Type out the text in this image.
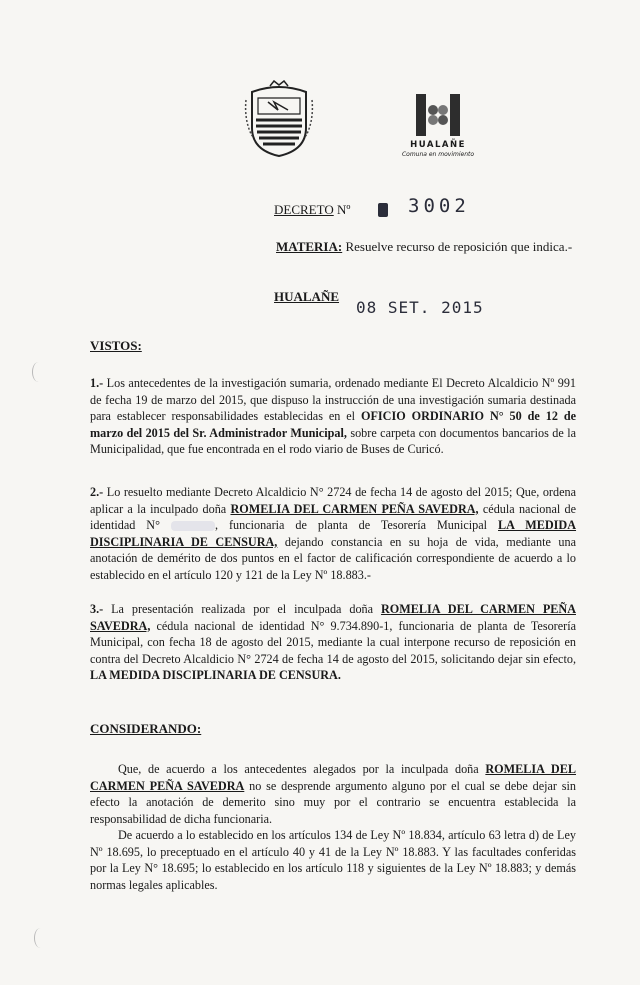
HUALAÑE
Comuna en movimiento
DECRETO Nº	3002
MATERIA: Resuelve recurso de reposición que indica.-
HUALAÑE
08 SET. 2015
VISTOS:
1.- Los antecedentes de la investigación sumaria, ordenado mediante El Decreto Alcaldicio Nº 991 de fecha 19 de marzo del 2015, que dispuso la instrucción de una investigación sumaria destinada para establecer responsabilidades establecidas en el OFICIO ORDINARIO N° 50 de 12 de marzo del 2015 del Sr. Administrador Municipal, sobre carpeta con documentos bancarios de la Municipalidad, que fue encontrada en el rodo viario de Buses de Curicó.
2.- Lo resuelto mediante Decreto Alcaldicio N° 2724 de fecha 14 de agosto del 2015; Que, ordena aplicar a la inculpado doña ROMELIA DEL CARMEN PEÑA SAVEDRA, cédula nacional de identidad N°	, funcionaria de planta de Tesorería Municipal LA MEDIDA DISCIPLINARIA DE CENSURA, dejando constancia en su hoja de vida, mediante una anotación de demérito de dos puntos en el factor de calificación correspondiente de acuerdo a lo establecido en el artículo 120 y 121 de la Ley Nº 18.883.-
3.- La presentación realizada por el inculpada doña ROMELIA DEL CARMEN PEÑA SAVEDRA, cédula nacional de identidad N° 9.734.890-1, funcionaria de planta de Tesorería Municipal, con fecha 18 de agosto del 2015, mediante la cual interpone recurso de reposición en contra del Decreto Alcaldicio N° 2724 de fecha 14 de agosto del 2015, solicitando dejar sin efecto, LA MEDIDA DISCIPLINARIA DE CENSURA.
CONSIDERANDO:
Que, de acuerdo a los antecedentes alegados por la inculpada doña ROMELIA DEL CARMEN PEÑA SAVEDRA no se desprende argumento alguno por el cual se debe dejar sin efecto la anotación de demerito sino muy por el contrario se encuentra establecida la responsabilidad de dicha funcionaria.
De acuerdo a lo establecido en los artículos 134 de Ley Nº 18.834, artículo 63 letra d) de Ley Nº 18.695, lo preceptuado en el artículo 40 y 41 de la Ley Nº 18.883. Y las facultades conferidas por la Ley N° 18.695; lo establecido en los artículo 118 y siguientes de la Ley Nº 18.883; y demás normas legales aplicables.
